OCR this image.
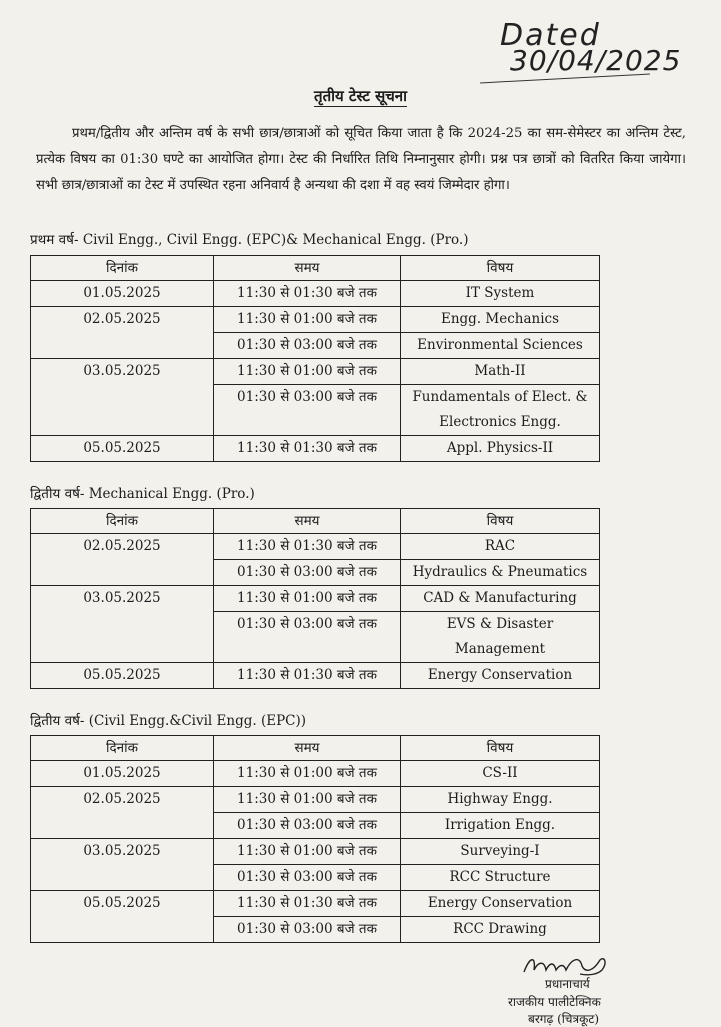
Dated
30/04/2025
तृतीय टेस्ट सूचना
प्रथम/द्वितीय और अन्तिम वर्ष के सभी छात्र/छात्राओं को सूचित किया जाता है कि 2024-25 का सम-सेमेस्टर का अन्तिम टेस्ट, प्रत्येक विषय का 01:30 घण्टे का आयोजित होगा। टेस्ट की निर्धारित तिथि निम्नानुसार होगी। प्रश्न पत्र छात्रों को वितरित किया जायेगा। सभी छात्र/छात्राओं का टेस्ट में उपस्थित रहना अनिवार्य है अन्यथा की दशा में वह स्वयं जिम्मेदार होगा।
प्रथम वर्ष- Civil Engg., Civil Engg. (EPC)& Mechanical Engg. (Pro.)
दिनांक	समय	विषय
01.05.2025	11:30 से 01:30 बजे तक	IT System
02.05.2025	11:30 से 01:00 बजे तक	Engg. Mechanics
	01:30 से 03:00 बजे तक	Environmental Sciences
03.05.2025	11:30 से 01:00 बजे तक	Math-II
	01:30 से 03:00 बजे तक	Fundamentals of Elect. & Electronics Engg.
05.05.2025	11:30 से 01:30 बजे तक	Appl. Physics-II
द्वितीय वर्ष- Mechanical Engg. (Pro.)
दिनांक	समय	विषय
02.05.2025	11:30 से 01:30 बजे तक	RAC
	01:30 से 03:00 बजे तक	Hydraulics & Pneumatics
03.05.2025	11:30 से 01:00 बजे तक	CAD & Manufacturing
	01:30 से 03:00 बजे तक	EVS & Disaster Management
05.05.2025	11:30 से 01:30 बजे तक	Energy Conservation
द्वितीय वर्ष- (Civil Engg.&Civil Engg. (EPC))
दिनांक	समय	विषय
01.05.2025	11:30 से 01:00 बजे तक	CS-II
02.05.2025	11:30 से 01:00 बजे तक	Highway Engg.
	01:30 से 03:00 बजे तक	Irrigation Engg.
03.05.2025	11:30 से 01:00 बजे तक	Surveying-I
	01:30 से 03:00 बजे तक	RCC Structure
05.05.2025	11:30 से 01:30 बजे तक	Energy Conservation
	01:30 से 03:00 बजे तक	RCC Drawing
प्रधानाचार्य
राजकीय पालीटेक्निक
बरगढ़ (चित्रकूट)
